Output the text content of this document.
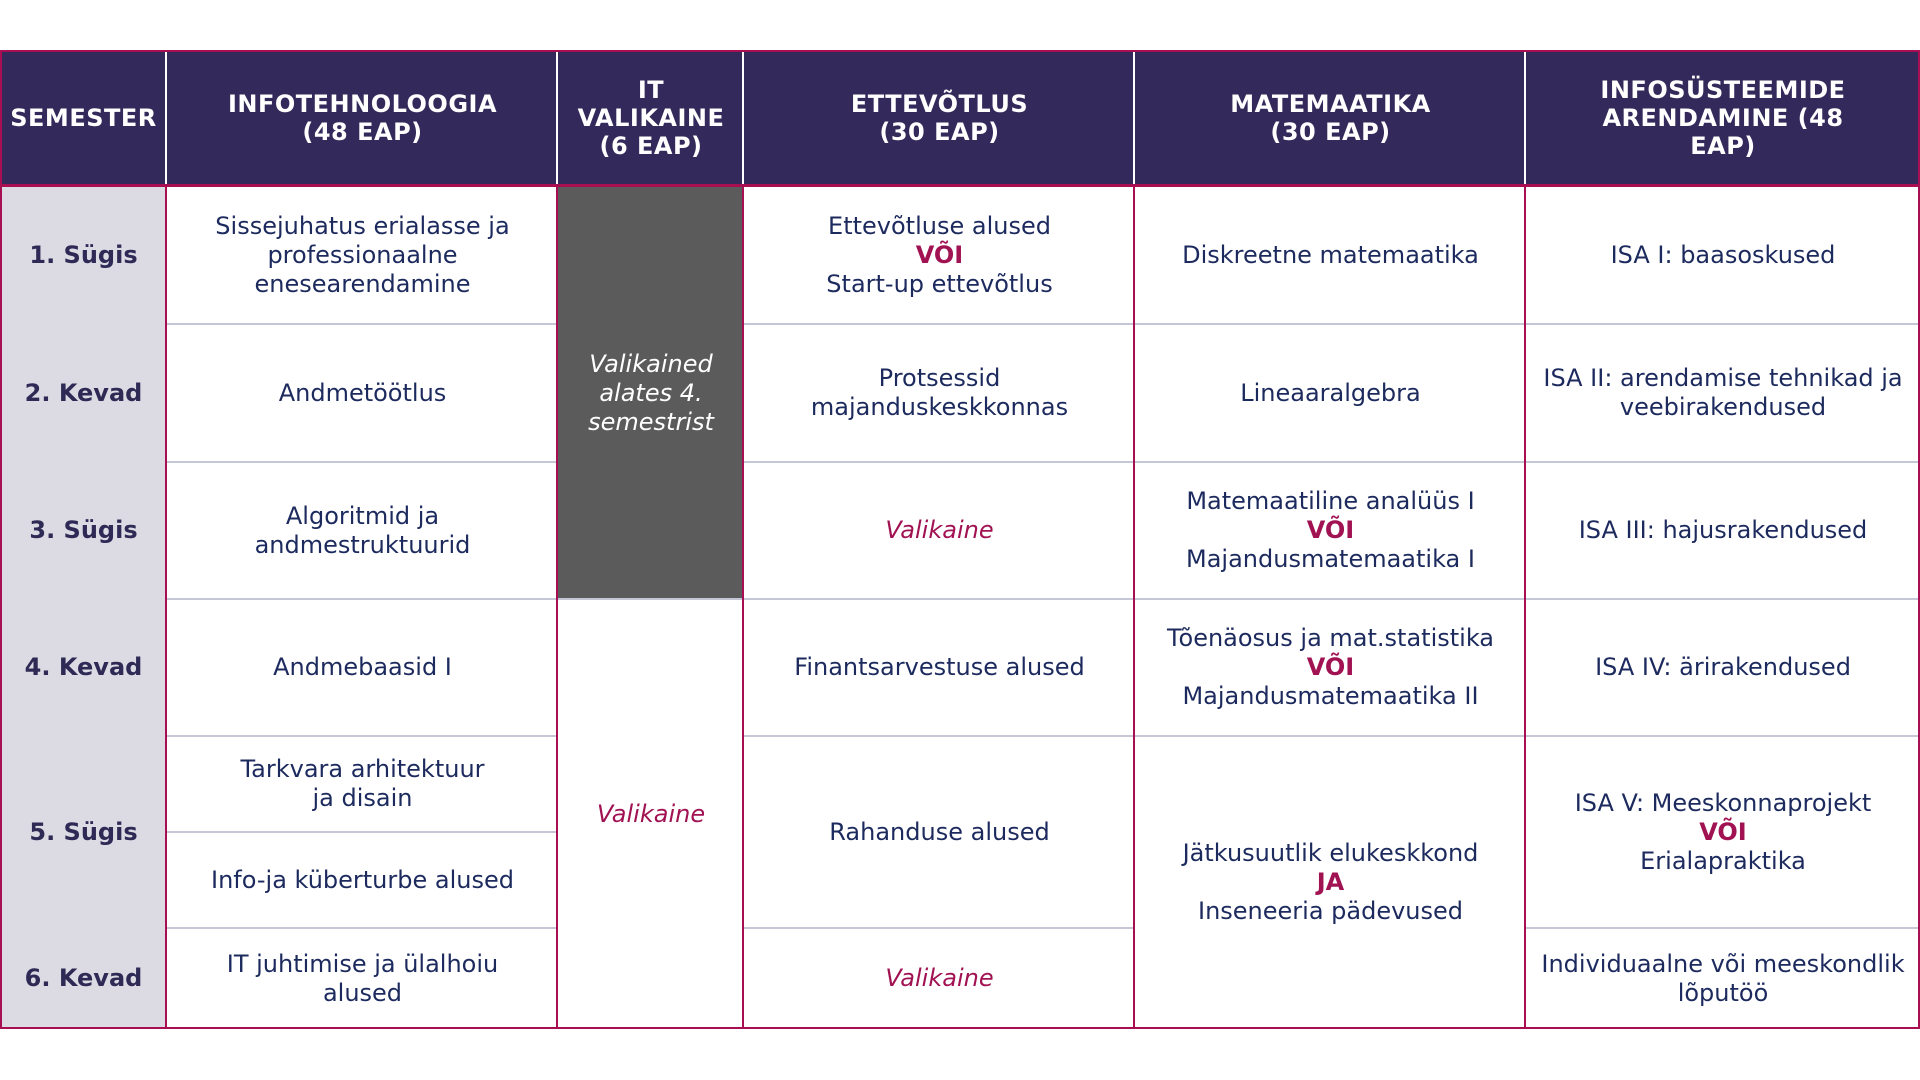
SEMESTER	INFOTEHNOLOOGIA
(48 EAP)
IT
VALIKAINE
(6 EAP)
ETTEVÕTLUS
(30 EAP)
MATEMAATIKA
(30 EAP)
INFOSÜSTEEMIDE
ARENDAMINE (48
EAP)
1. Sügis
2. Kevad
3. Sügis
4. Kevad
5. Sügis
6. Kevad
Sissejuhatus erialasse ja
professionaalne
enesearendamine
Andmetöötlus
Algoritmid ja
andmestruktuurid
Andmebaasid I
Tarkvara arhitektuur
ja disain
Info-ja küberturbe alused
IT juhtimise ja ülalhoiu
alused
Valikained
alates 4.
semestrist
Valikaine
Ettevõtluse alused
VÕI
Start-up ettevõtlus
Protsessid
majanduskeskkonnas
Valikaine
Finantsarvestuse alused
Rahanduse alused
Valikaine
Diskreetne matemaatika
Lineaaralgebra
Matemaatiline analüüs I
VÕI
Majandusmatemaatika I
Tõenäosus ja mat.statistika
VÕI
Majandusmatemaatika II
Jätkusuutlik elukeskkond
JA
Inseneeria pädevused
ISA I: baasoskused
ISA II: arendamise tehnikad ja
veebirakendused
ISA III: hajusrakendused
ISA IV: ärirakendused
ISA V: Meeskonnaprojekt
VÕI
Erialapraktika
Individuaalne või meeskondlik
lõputöö
